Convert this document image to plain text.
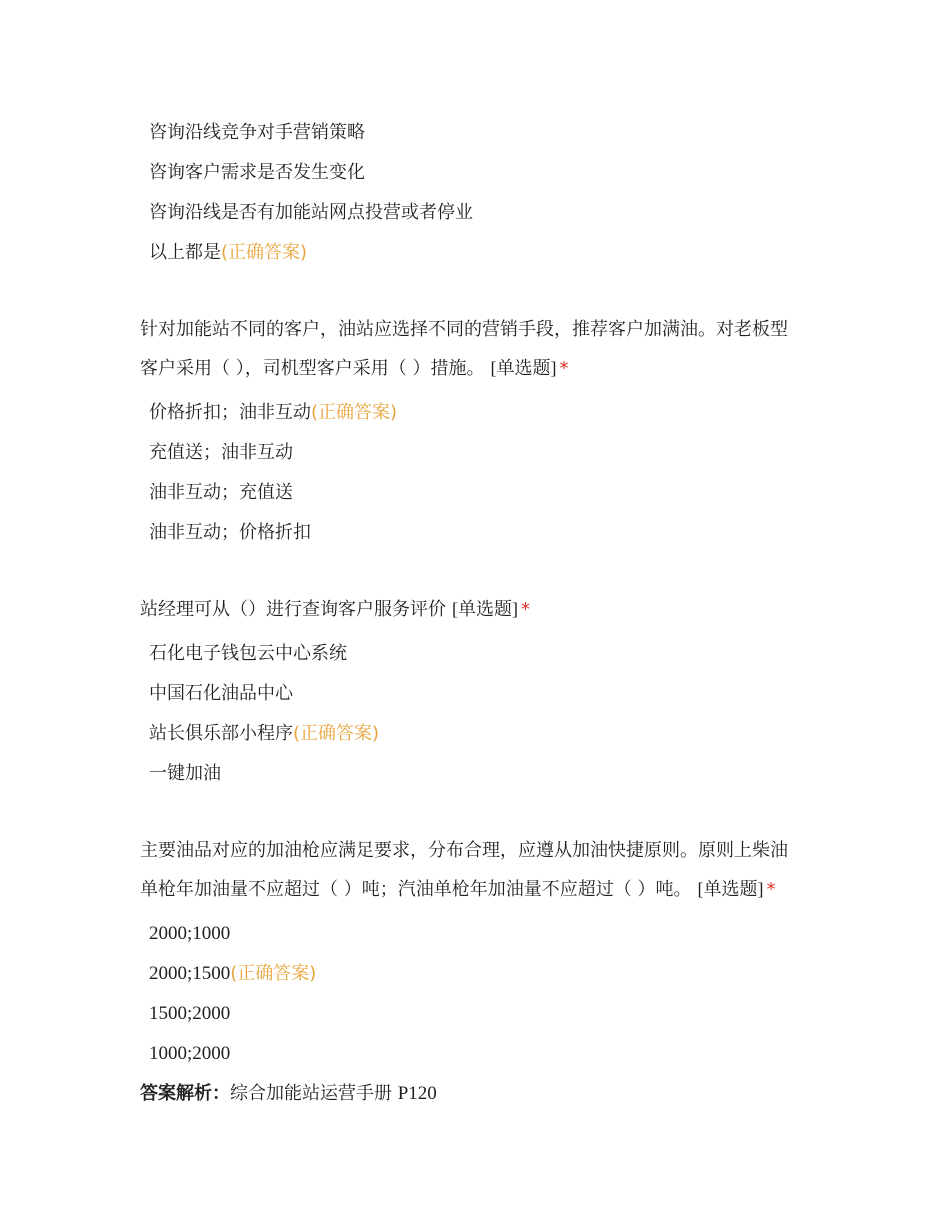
咨询沿线竞争对手营销策略
咨询客户需求是否发生变化
咨询沿线是否有加能站网点投营或者停业
以上都是(正确答案)
针对加能站不同的客户，油站应选择不同的营销手段，推荐客户加满油。对老板型
客户采用（ ），司机型客户采用（ ）措施。 [单选题] *
价格折扣；油非互动(正确答案)
充值送；油非互动
油非互动；充值送
油非互动；价格折扣
站经理可从（）进行查询客户服务评价 [单选题] *
石化电子钱包云中心系统
中国石化油品中心
站长俱乐部小程序(正确答案)
一键加油
主要油品对应的加油枪应满足要求，分布合理，应遵从加油快捷原则。原则上柴油
单枪年加油量不应超过（ ）吨；汽油单枪年加油量不应超过（ ）吨。 [单选题] *
2000;1000
2000;1500(正确答案)
1500;2000
1000;2000
答案解析：综合加能站运营手册 P120
